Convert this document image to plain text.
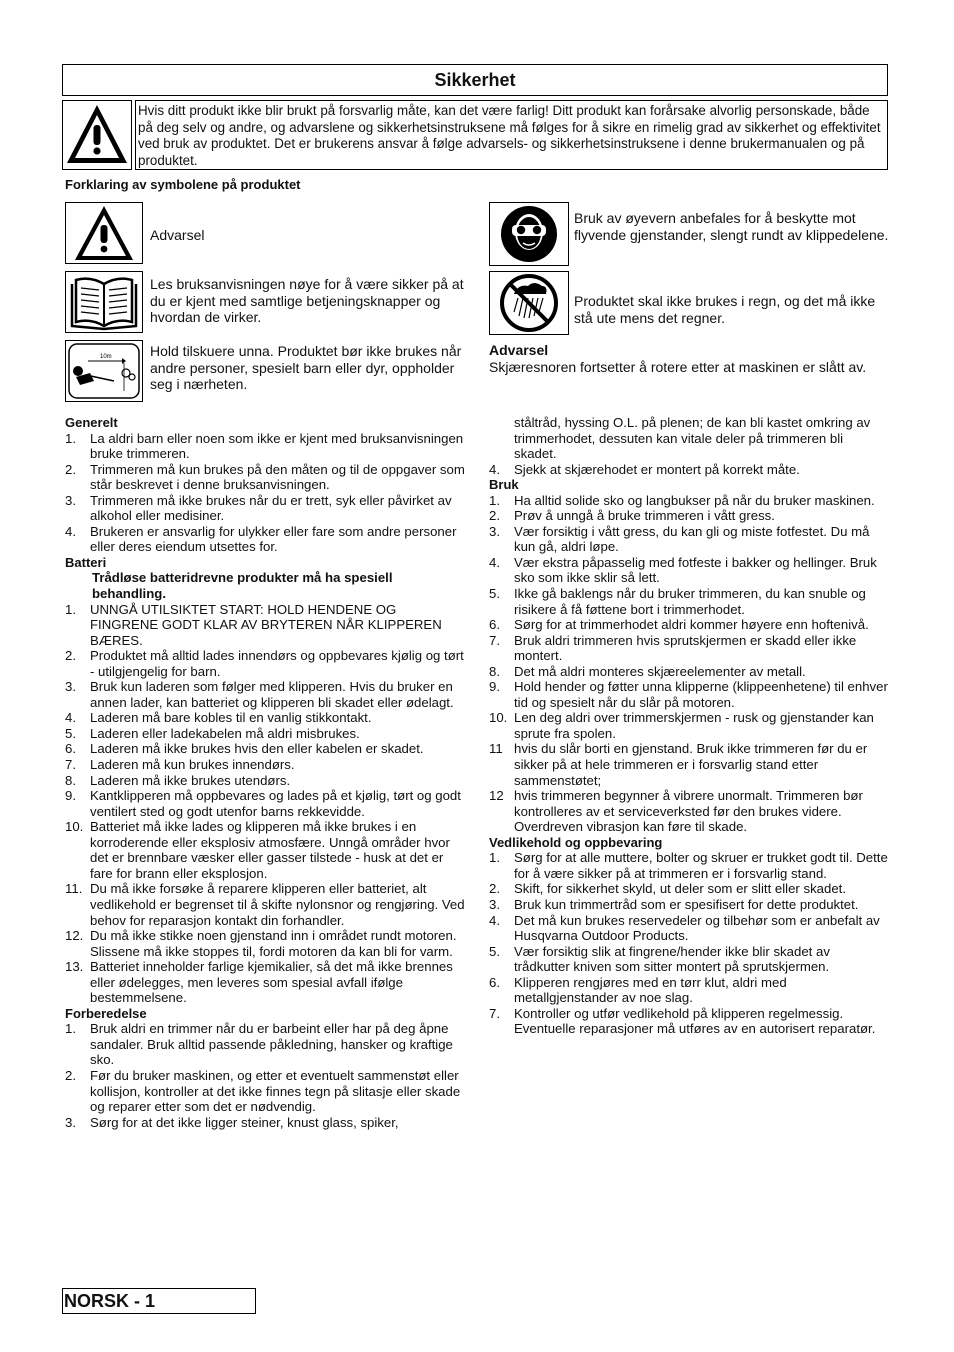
Sikkerhet
Hvis ditt produkt ikke blir brukt på forsvarlig måte, kan det være farlig! Ditt produkt kan forårsake alvorlig personskade, både på deg selv og andre, og advarslene og sikkerhetsinstruksene må følges for å sikre en rimelig grad av sikkerhet og effektivitet ved bruk av produktet. Det er brukerens ansvar å følge advarsels- og sikkerhetsinstruksene i denne brukermanualen og på produktet.
Forklaring av symbolene på produktet
Advarsel
Les bruksanvisningen nøye for å være sikker på at du er kjent med samtlige betjeningsknapper og hvordan de virker.
10m	Hold tilskuere unna. Produktet bør ikke brukes når andre personer, spesielt barn eller dyr, oppholder seg i nærheten.
Bruk av øyevern anbefales for å beskytte mot flyvende gjenstander, slengt rundt av klippedelene.
Produktet skal ikke brukes i regn, og det må ikke stå ute mens det regner.
Advarsel
Skjæresnoren fortsetter å rotere etter at maskinen er slått av.
Generelt
1.	La aldri barn eller noen som ikke er kjent med bruksanvisningen bruke trimmeren.
2.	Trimmeren må kun brukes på den måten og til de oppgaver som står beskrevet i denne bruksanvisningen.
3.	Trimmeren må ikke brukes når du er trett, syk eller påvirket av alkohol eller medisiner.
4.	Brukeren er ansvarlig for ulykker eller fare som andre personer eller deres eiendum utsettes for.
Batteri
Trådløse batteridrevne produkter må ha spesiell behandling.
1.	UNNGÅ UTILSIKTET START: HOLD HENDENE OG FINGRENE GODT KLAR AV BRYTEREN NÅR KLIPPEREN BÆRES.
2.	Produktet må alltid lades innendørs og oppbevares kjølig og tørt - utilgjengelig for barn.
3.	Bruk kun laderen som følger med klipperen. Hvis du bruker en annen lader, kan batteriet og klipperen bli skadet eller ødelagt.
4.	Laderen må bare kobles til en vanlig stikkontakt.
5.	Laderen eller ladekabelen må aldri misbrukes.
6.	Laderen må ikke brukes hvis den eller kabelen er skadet.
7.	Laderen må kun brukes innendørs.
8.	Laderen må ikke brukes utendørs.
9.	Kantklipperen må oppbevares og lades på et kjølig, tørt og godt ventilert sted og godt utenfor barns rekkevidde.
10. Batteriet må ikke lades og klipperen må ikke brukes i en korroderende eller eksplosiv atmosfære. Unngå områder hvor det er brennbare væsker eller gasser tilstede - husk at det er fare for brann eller eksplosjon.
11. Du må ikke forsøke å reparere klipperen eller batteriet, alt vedlikehold er begrenset til å skifte nylonsnor og rengjøring. Ved behov for reparasjon kontakt din forhandler.
12. Du må ikke stikke noen gjenstand inn i området rundt motoren. Slissene må ikke stoppes til, fordi motoren da kan bli for varm.
13. Batteriet inneholder farlige kjemikalier, så det må ikke brennes eller ødelegges, men leveres som spesial avfall ifølge bestemmelsene.
Forberedelse
1.	Bruk aldri en trimmer når du er barbeint eller har på deg åpne sandaler. Bruk alltid passende påkledning, hansker og kraftige sko.
2.	Før du bruker maskinen, og etter et eventuelt sammenstøt eller kollisjon, kontroller at det ikke finnes tegn på slitasje eller skade og reparer etter som det er nødvendig.
3.	Sørg for at det ikke ligger steiner, knust glass, spiker,
ståltråd, hyssing O.L. på plenen; de kan bli kastet omkring av trimmerhodet, dessuten kan vitale deler på trimmeren bli skadet.
4.	Sjekk at skjærehodet er montert på korrekt måte.
Bruk
1.	Ha alltid solide sko og langbukser på når du bruker maskinen.
2.	Prøv å unngå å bruke trimmeren i vått gress.
3.	Vær forsiktig i vått gress, du kan gli og miste fotfestet. Du må kun gå, aldri løpe.
4.	Vær ekstra påpasselig med fotfeste i bakker og hellinger. Bruk sko som ikke sklir så lett.
5.	Ikke gå baklengs når du bruker trimmeren, du kan snuble og risikere å få føttene bort i trimmerhodet.
6.	Sørg for at trimmerhodet aldri kommer høyere enn hoftenivå.
7.	Bruk aldri trimmeren hvis sprutskjermen er skadd eller ikke montert.
8.	Det må aldri monteres skjæreelementer av metall.
9.	Hold hender og føtter unna klipperne (klippeenhetene) til enhver tid og spesielt når du slår på motoren.
10. Len deg aldri over trimmerskjermen - rusk og gjenstander kan sprute fra spolen.
11 hvis du slår borti en gjenstand. Bruk ikke trimmeren før du er sikker på at hele trimmeren er i forsvarlig stand etter sammenstøtet;
12 hvis trimmeren begynner å vibrere unormalt. Trimmeren bør kontrolleres av et serviceverksted før den brukes videre. Overdreven vibrasjon kan føre til skade.
Vedlikehold og oppbevaring
1.	Sørg for at alle muttere, bolter og skruer er trukket godt til. Dette for å være sikker på at trimmeren er i forsvarlig stand.
2.	Skift, for sikkerhet skyld, ut deler som er slitt eller skadet.
3.	Bruk kun trimmertråd som er spesifisert for dette produktet.
4.	Det må kun brukes reservedeler og tilbehør som er anbefalt av Husqvarna Outdoor Products.
5.	Vær forsiktig slik at fingrene/hender ikke blir skadet av trådkutter kniven som sitter montert på sprutskjermen.
6.	Klipperen rengjøres med en tørr klut, aldri med metallgjenstander av noe slag.
7.	Kontroller og utfør vedlikehold på klipperen regelmessig. Eventuelle reparasjoner må utføres av en autorisert reparatør.
NORSK - 1
